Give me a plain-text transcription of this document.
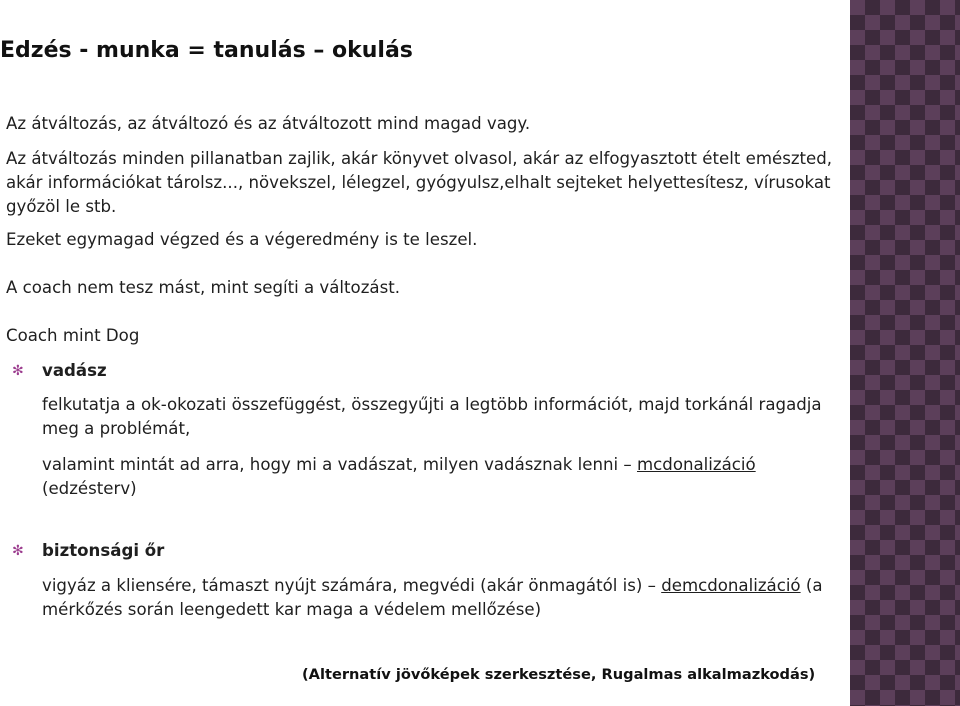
Edzés - munka = tanulás – okulás
Az átváltozás, az átváltozó és az átváltozott mind magad vagy.
Az átváltozás minden pillanatban zajlik, akár könyvet olvasol, akár az elfogyasztott ételt emészted, akár információkat tárolsz..., növekszel, lélegzel, gyógyulsz,elhalt sejteket helyettesítesz, vírusokat győzöl le stb.
Ezeket egymagad végzed és a végeredmény is te leszel.
A coach nem tesz mást, mint segíti a változást.
Coach mint Dog
✻ vadász
felkutatja a ok-okozati összefüggést, összegyűjti a legtöbb információt, majd torkánál ragadja meg a problémát,
valamint mintát ad arra, hogy mi a vadászat, milyen vadásznak lenni – mcdonalizáció (edzésterv)
✻ biztonsági őr
vigyáz a kliensére, támaszt nyújt számára, megvédi (akár önmagától is) – demcdonalizáció (a mérkőzés során leengedett kar maga a védelem mellőzése)
(Alternatív jövőképek szerkesztése, Rugalmas alkalmazkodás)
